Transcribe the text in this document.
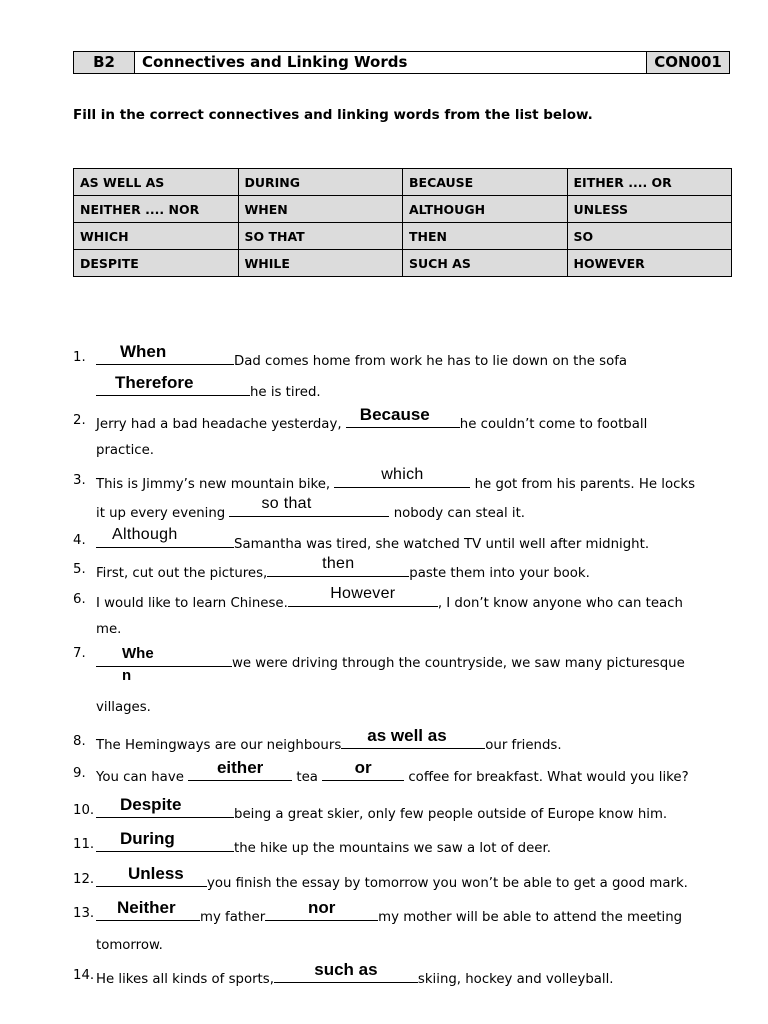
B2	Connectives and Linking Words	CON001
Fill in the correct connectives and linking words from the list below.
AS WELL AS	DURING	BECAUSE	EITHER .... OR
NEITHER .... NOR	WHEN	ALTHOUGH	UNLESS
WHICH	SO THAT	THEN	SO
DESPITE	WHILE	SUCH AS	HOWEVER
1.
2.
3.
4.
5.
6.
7.
8.
9.
10.
11.
12.
13.
14.
When
Dad comes home from work he has to lie down on the sofa
Therefore
he is tired.
Jerry had a bad headache yesterday,
Because
he couldn’t come to football
practice.
This is Jimmy’s new mountain bike,
which
he got from his parents. He locks
it up every evening
so that
nobody can steal it.
Although
Samantha was tired, she watched TV until well after midnight.
First, cut out the pictures,
then
paste them into your book.
I would like to learn Chinese.
However
, I don’t know anyone who can teach
me.
Whe
we were driving through the countryside, we saw many picturesque
n
villages.
The Hemingways are our neighbours
as well as
our friends.
You can have
either
tea
or
coffee for breakfast. What would you like?
Despite
being a great skier, only few people outside of Europe know him.
During
the hike up the mountains we saw a lot of deer.
Unless
you finish the essay by tomorrow you won’t be able to get a good mark.
Neither
my father
nor
my mother will be able to attend the meeting
tomorrow.
He likes all kinds of sports,
such as
skiing, hockey and volleyball.
